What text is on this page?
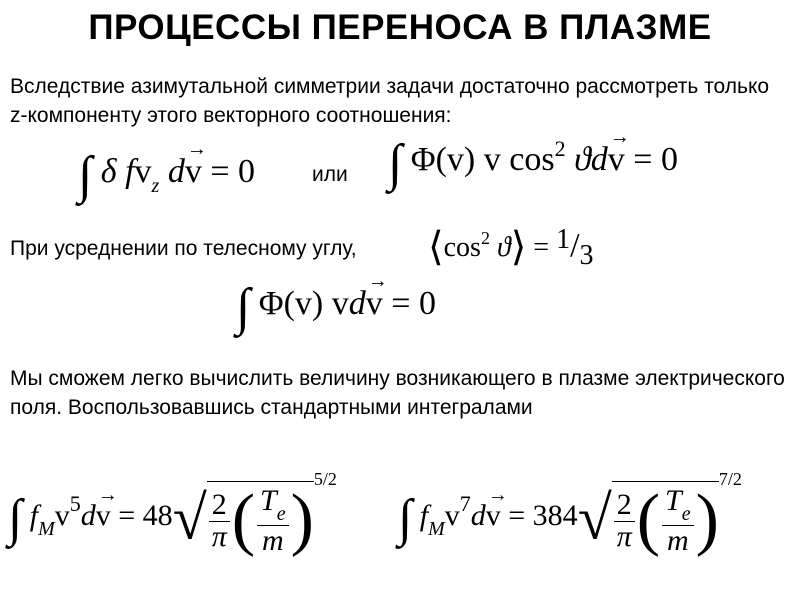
ПРОЦЕССЫ ПЕРЕНОСА В ПЛАЗМЕ
Вследствие азимутальной симметрии задачи достаточно рассмотреть только z-компоненту этого векторного соотношения:
∫ δ $fv_z$ d→ v = 0	или ∫ Φ(v) v $\cos^2 ϑd\to v = 0$
При усреднении по телесному углу,	$⟨\cos^2$ ϑ⟩ = 1/3
∫ Φ(v) vd→ v = 0
Мы сможем легко вычислить величину возникающего в плазме электрического поля. Воспользовавшись стандартными интегралами
∫ $f_Mv^5d\to v = 48√ \frac{2}{\pi}( \frac{T_e}{m})^{5/2}$
∫ $f_Mv^7d\to v = 384√ \frac{2}{\pi}( \frac{T_e}{m})^{7/2}$
